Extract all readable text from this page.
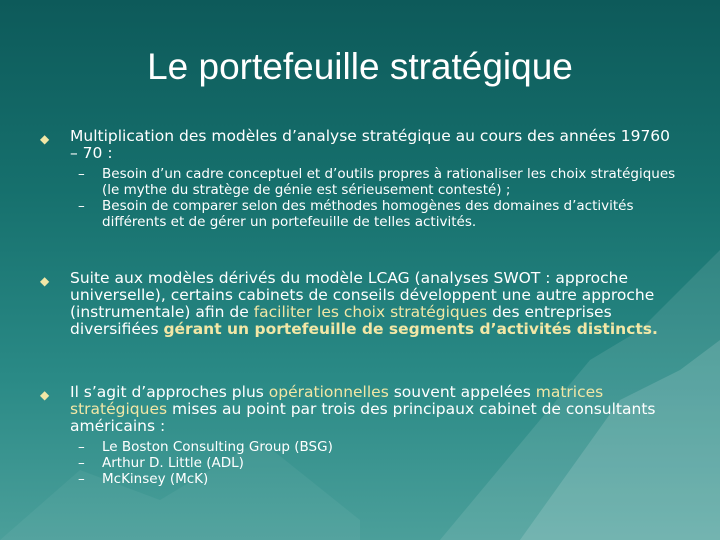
Le portefeuille stratégique
◆ Multiplication des modèles d’analyse stratégique au cours des années 19760 – 70 :

– Besoin d’un cadre conceptuel et d’outils propres à rationaliser les choix stratégiques (le mythe du stratège de génie est sérieusement contesté) ;
– Besoin de comparer selon des méthodes homogènes des domaines d’activités différents et de gérer un portefeuille de telles activités.
◆ Suite aux modèles dérivés du modèle LCAG (analyses SWOT : approche universelle), certains cabinets de conseils développent une autre approche (instrumentale) afin de faciliter les choix stratégiques des entreprises diversifiées gérant un portefeuille de segments d’activités distincts.

◆ Il s’agit d’approches plus opérationnelles souvent appelées matrices stratégiques mises au point par trois des principaux cabinet de consultants américains :

– Le Boston Consulting Group (BSG)
– Arthur D. Little (ADL)
– McKinsey (McK)
